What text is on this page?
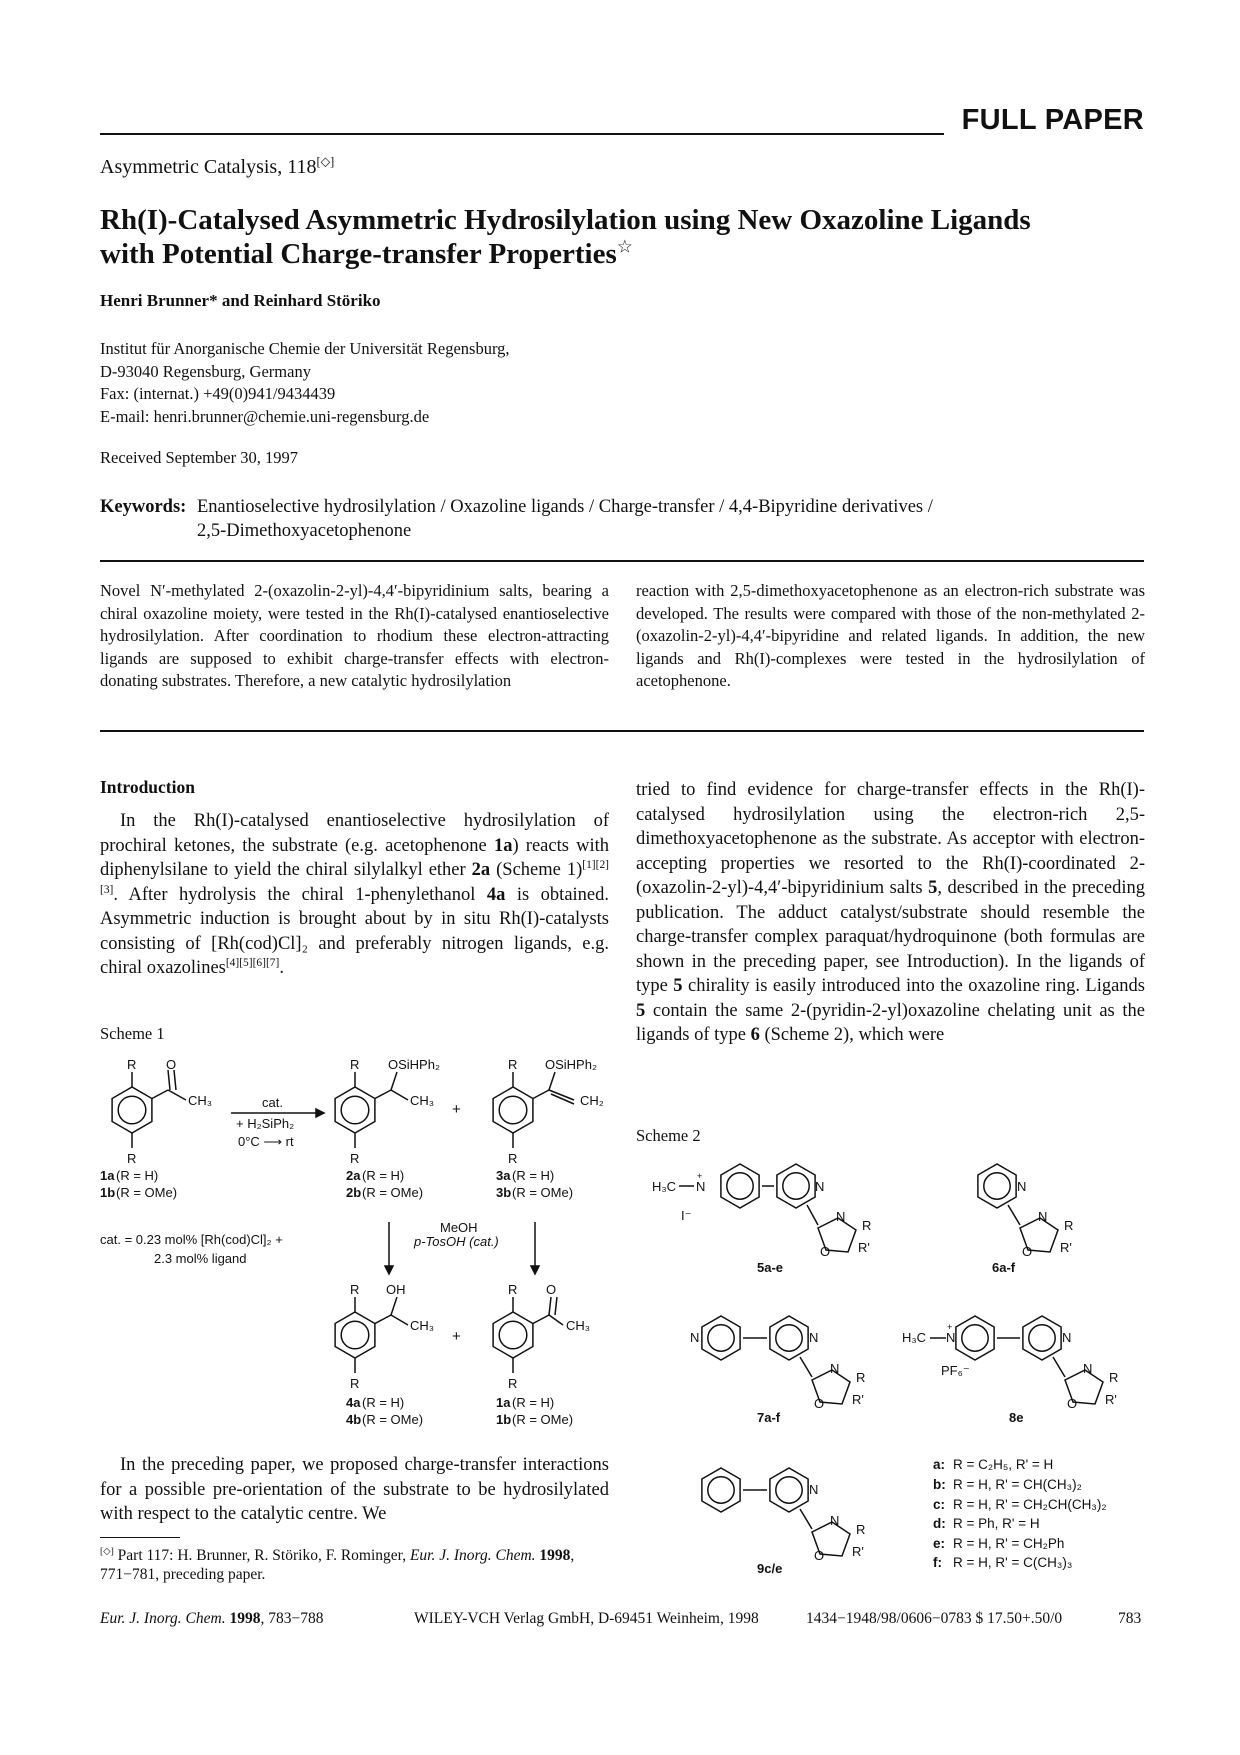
FULL PAPER
Asymmetric Catalysis, 118[◇]
Rh(I)-Catalysed Asymmetric Hydrosilylation using New Oxazoline Ligands
with Potential Charge-transfer Properties☆
Henri Brunner* and Reinhard Störiko
Institut für Anorganische Chemie der Universität Regensburg,
D-93040 Regensburg, Germany
Fax: (internat.) +49(0)941/9434439
E-mail: henri.brunner@chemie.uni-regensburg.de
Received September 30, 1997
Keywords: Enantioselective hydrosilylation / Oxazoline ligands / Charge-transfer / 4,4-Bipyridine derivatives /
2,5-Dimethoxyacetophenone
Novel N′-methylated 2-(oxazolin-2-yl)-4,4′-bipyridinium salts, bearing a chiral oxazoline moiety, were tested in the Rh(I)-catalysed enantioselective hydrosilylation. After coordination to rhodium these electron-attracting ligands are supposed to exhibit charge-transfer effects with electron-donating substrates. Therefore, a new catalytic hydrosilylation
reaction with 2,5-dimethoxyacetophenone as an electron-rich substrate was developed. The results were compared with those of the non-methylated 2-(oxazolin-2-yl)-4,4′-bipyridine and related ligands. In addition, the new ligands and Rh(I)-complexes were tested in the hydrosilylation of acetophenone.
Introduction
In the Rh(I)-catalysed enantioselective hydrosilylation of prochiral ketones, the substrate (e.g. acetophenone 1a) reacts with diphenylsilane to yield the chiral silylalkyl ether 2a (Scheme 1)[1][2][3]. After hydrolysis the chiral 1-phenylethanol 4a is obtained. Asymmetric induction is brought about by in situ Rh(I)-catalysts consisting of [Rh(cod)Cl]₂ and preferably nitrogen ligands, e.g. chiral oxazolines[4][5][6][7].
Scheme 1
In the preceding paper, we proposed charge-transfer interactions for a possible pre-orientation of the substrate to be hydrosilylated with respect to the catalytic centre. We
[◇] Part 117: H. Brunner, R. Störiko, F. Rominger, Eur. J. Inorg. Chem. 1998, 771−781, preceding paper.
tried to find evidence for charge-transfer effects in the Rh(I)-catalysed hydrosilylation using the electron-rich 2,5-dimethoxyacetophenone as the substrate. As acceptor with electron-accepting properties we resorted to the Rh(I)-coordinated 2-(oxazolin-2-yl)-4,4′-bipyridinium salts 5, described in the preceding publication. The adduct catalyst/substrate should resemble the charge-transfer complex paraquat/hydroquinone (both formulas are shown in the preceding paper, see Introduction). In the ligands of type 5 chirality is easily introduced into the oxazoline ring. Ligands 5 contain the same 2-(pyridin-2-yl)oxazoline chelating unit as the ligands of type 6 (Scheme 2), which were
Scheme 2
R O
CH₃
R
cat.
+ H₂SiPh₂
0°C ⟶ rt
R OSiHPh₂
CH₃
R
+
R OSiHPh₂
CH₂
R
1a (R = H)
1b (R = OMe)
2a (R = H)
2b (R = OMe)
3a (R = H)
3b (R = OMe)
cat. = 0.23 mol% [Rh(cod)Cl]₂ +
2.3 mol% ligand
MeOH
p-TosOH (cat.)
R OH
CH₃
R
+
R O
CH₃
R
4a (R = H)
4b (R = OMe)
1a (R = H)
1b (R = OMe)
H₃C N
+
I⁻
N
5a-e
N
6a-f
N	N
7a-f
H₃C N
+
PF₆⁻
N
8e
N
9c/e
N
O
R
R'
N
O
R
R'
N
O
R
R'
N
O
R
R'
N
O
R
R'
a: R = C₂H₅, R' = H
b: R = H, R' = CH(CH₃)₂
c: R = H, R' = CH₂CH(CH₃)₂
d: R = Ph, R' = H
e: R = H, R' = CH₂Ph
f: R = H, R' = C(CH₃)₃
Eur. J. Inorg. Chem. 1998, 783−788	WILEY-VCH Verlag GmbH, D-69451 Weinheim, 1998	1434−1948/98/0606−0783 $ 17.50+.50/0	783
